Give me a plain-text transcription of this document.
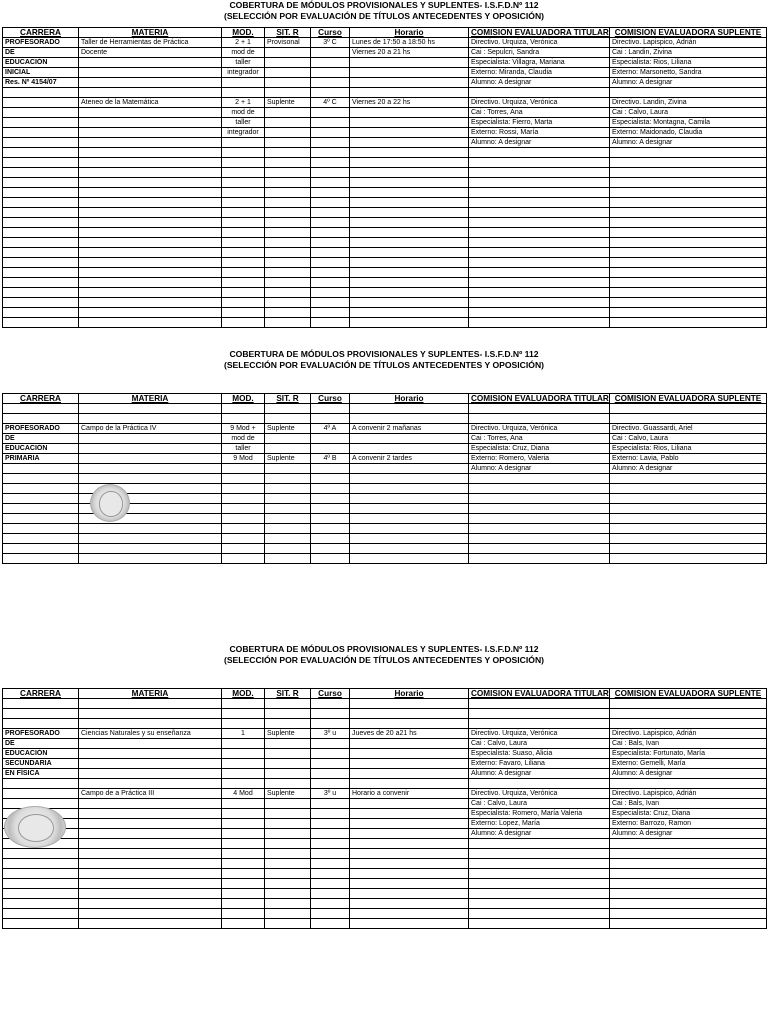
COBERTURA DE MÓDULOS PROVISIONALES Y SUPLENTES- I.S.F.D.Nº 112
(SELECCIÓN POR EVALUACIÓN DE TÍTULOS ANTECEDENTES Y OPOSICIÓN)
CARRERA	MATERIA	MOD.	SIT. R	Curso	Horario	COMISION EVALUADORA TITULAR	COMISION EVALUADORA SUPLENTE
PROFESORADO	Taller de Herramientas de Práctica	2 + 1	Provisonal	3º C	Lunes de 17:50 a 18:50 hs	Directivo. Urquiza, Verónica	Directivo. Lapispico, Adrián
DE	Docente	mod de			Viernes 20 a 21 hs	Cai : Sepulcri, Sandra	Cai : Landin, Zivina
EDUCACIÓN		taller				Especialista: Villagra, Mariana	Especialista: Rios, Liliana
INICIAL		integrador				Externo: Miranda, Claudia	Externo: Marsonetto, Sandra
Res. Nº 4154/07						Alumno: A designar	Alumno: A designar

	Ateneo de la Matemática	2 + 1	Suplente	4º C	Viernes 20 a 22 hs	Directivo. Urquiza, Verónica	Directivo. Landin, Zivina
		mod de				Cai : Torres, Ana	Cai : Calvo, Laura
		taller				Especialista: Fierro, Marta	Especialista: Montagna, Camila
		integrador				Externo: Rossi, María	Externo: Maidonado, Claudia
						Alumno: A designar	Alumno: A designar

COBERTURA DE MÓDULOS PROVISIONALES Y SUPLENTES- I.S.F.D.Nº 112
(SELECCIÓN POR EVALUACIÓN DE TÍTULOS ANTECEDENTES Y OPOSICIÓN)
CARRERA	MATERIA	MOD.	SIT. R	Curso	Horario	COMISION EVALUADORA TITULAR	COMISION EVALUADORA SUPLENTE

PROFESORADO	Campo de la Práctica IV	9 Mod +	Suplente	4º A	A convenir 2 mañanas	Directivo. Urquiza, Verónica	Directivo. Guassardi, Ariel
DE		mod de				Cai : Torres, Ana	Cai : Calvo, Laura
EDUCACIÓN		taller				Especialista: Cruz, Diana	Especialista: Rios, Liliana
PRIMARIA		9 Mod	Suplente	4º B	A convenir 2 tardes	Externo: Romero, Valeria	Externo: Lavia, Pablo
						Alumno: A designar	Alumno: A designar

COBERTURA DE MÓDULOS PROVISIONALES Y SUPLENTES- I.S.F.D.Nº 112
(SELECCIÓN POR EVALUACIÓN DE TÍTULOS ANTECEDENTES Y OPOSICIÓN)
CARRERA	MATERIA	MOD.	SIT. R	Curso	Horario	COMISION EVALUADORA TITULAR	COMISION EVALUADORA SUPLENTE

PROFESORADO	Ciencias Naturales y su enseñanza	1	Suplente	3º u	Jueves de 20 a21 hs	Directivo. Urquiza, Verónica	Directivo. Lapispico, Adrián
DE						Cai : Calvo, Laura	Cai : Bals, Ivan
EDUCACIÓN						Especialista: Suaso, Alicia	Especialista: Fortunato, María
SECUNDARIA						Externo: Favaro, Liliana	Externo: Gemelli, María
EN FÍSICA						Alumno: A designar	Alumno: A designar

	Campo de a Práctica III	4 Mod	Suplente	3º u	Horario a convenir	Directivo. Urquiza, Verónica	Directivo. Lapispico, Adrián
						Cai : Calvo, Laura	Cai : Bals, Ivan
						Especialista: Romero, María Valeria	Especialista: Cruz, Diana
						Externo: Lopez, María	Externo: Barrozo, Ramon
						Alumno: A designar	Alumno: A designar
